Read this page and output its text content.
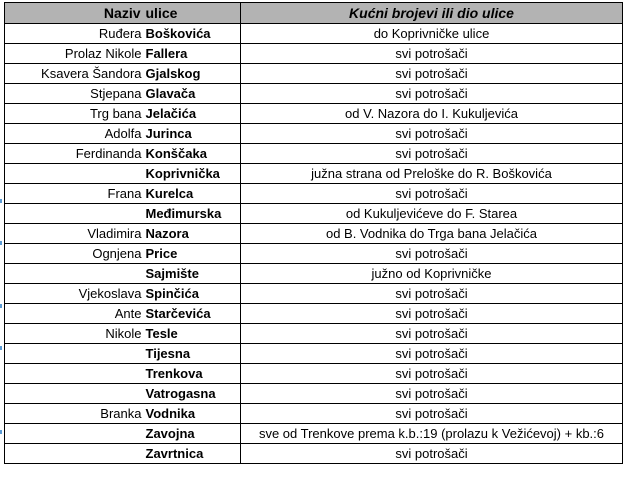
Naziv	ulice	Kućni brojevi ili dio ulice
Ruđera	Boškovića	do Koprivničke ulice
Prolaz Nikole	Fallera	svi potrošači
Ksavera Šandora	Gjalskog	svi potrošači
Stjepana	Glavača	svi potrošači
Trg bana	Jelačića	od V. Nazora do I. Kukuljevića
Adolfa	Jurinca	svi potrošači
Ferdinanda	Konščaka	svi potrošači
	Koprivnička	južna strana od Preloške do R. Boškovića
Frana	Kurelca	svi potrošači
	Međimurska	od Kukuljevićeve do F. Starea
Vladimira	Nazora	od B. Vodnika do Trga bana Jelačića
Ognjena	Price	svi potrošači
	Sajmište	južno od Koprivničke
Vjekoslava	Spinčića	svi potrošači
Ante	Starčevića	svi potrošači
Nikole	Tesle	svi potrošači
	Tijesna	svi potrošači
	Trenkova	svi potrošači
	Vatrogasna	svi potrošači
Branka	Vodnika	svi potrošači
	Zavojna	sve od Trenkove prema k.b.:19 (prolazu k Vežićevoj) + kb.:6
	Zavrtnica	svi potrošači
